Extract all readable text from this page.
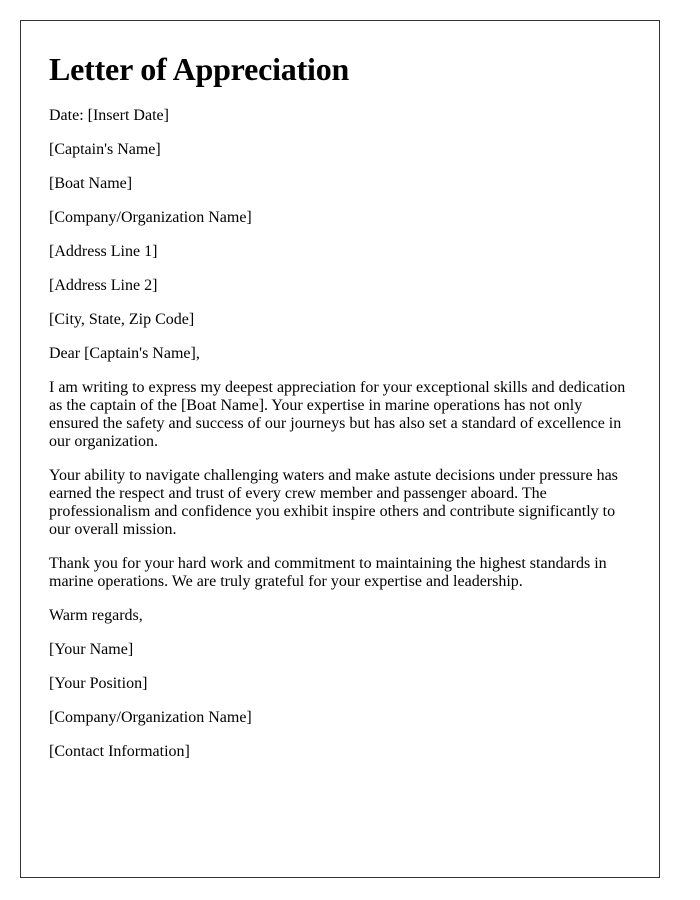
Letter of Appreciation

Date: [Insert Date]

[Captain's Name]

[Boat Name]

[Company/Organization Name]

[Address Line 1]

[Address Line 2]

[City, State, Zip Code]

Dear [Captain's Name],

I am writing to express my deepest appreciation for your exceptional skills and dedication as the captain of the [Boat Name]. Your expertise in marine operations has not only ensured the safety and success of our journeys but has also set a standard of excellence in our organization.

Your ability to navigate challenging waters and make astute decisions under pressure has earned the respect and trust of every crew member and passenger aboard. The professionalism and confidence you exhibit inspire others and contribute significantly to our overall mission.

Thank you for your hard work and commitment to maintaining the highest standards in marine operations. We are truly grateful for your expertise and leadership.

Warm regards,

[Your Name]

[Your Position]

[Company/Organization Name]

[Contact Information]
